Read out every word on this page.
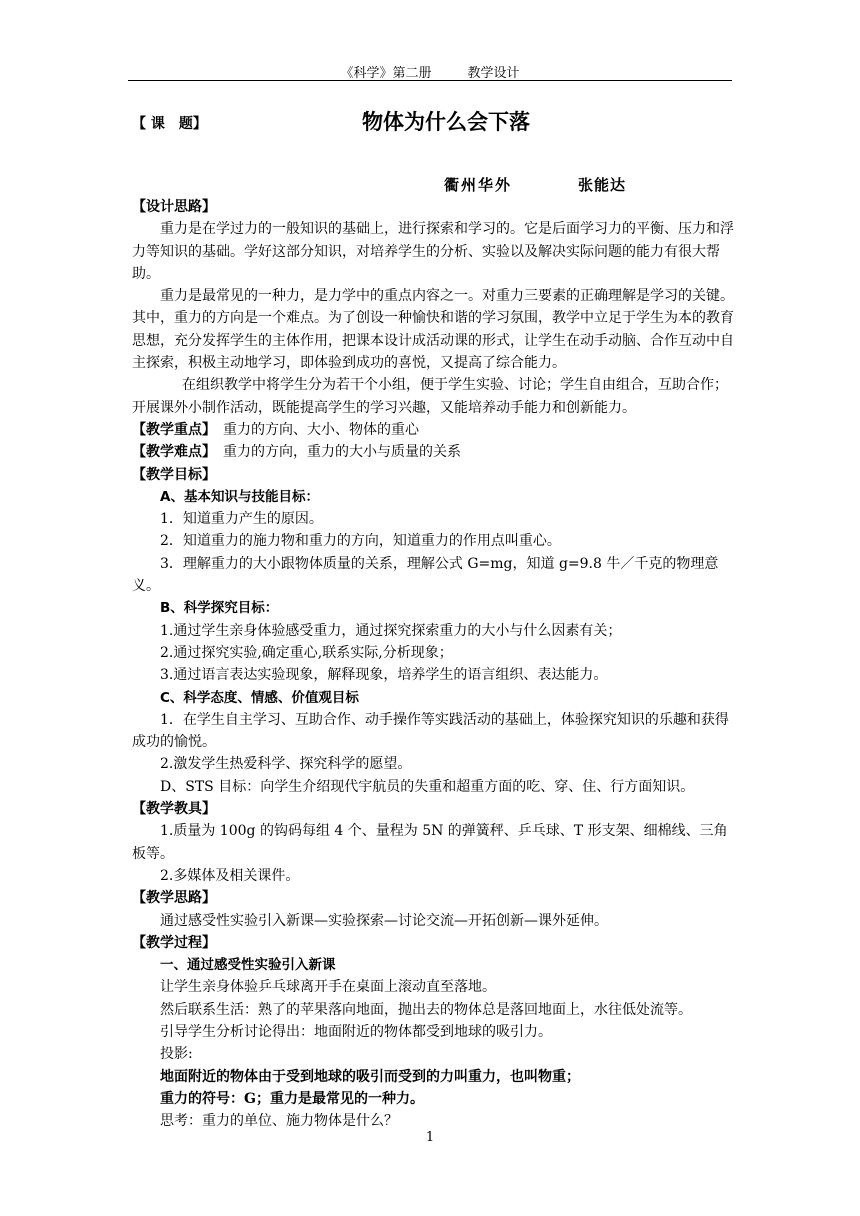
《科学》第二册	教学设计
【 课　题】	物体为什么会下落
衢州华外	张能达

【设计思路】

重力是在学过力的一般知识的基础上，进行探索和学习的。它是后面学习力的平衡、压力和浮力等知识的基础。学好这部分知识，对培养学生的分析、实验以及解决实际问题的能力有很大帮助。

重力是最常见的一种力，是力学中的重点内容之一。对重力三要素的正确理解是学习的关键。其中，重力的方向是一个难点。为了创设一种愉快和谐的学习氛围，教学中立足于学生为本的教育思想，充分发挥学生的主体作用，把课本设计成活动课的形式，让学生在动手动脑、合作互动中自主探索，积极主动地学习，即体验到成功的喜悦，又提高了综合能力。

在组织教学中将学生分为若干个小组，便于学生实验、讨论；学生自由组合，互助合作；开展课外小制作活动，既能提高学生的学习兴趣，又能培养动手能力和创新能力。

【教学重点】　 重力的方向、大小、物体的重心

【教学难点】　 重力的方向，重力的大小与质量的关系

【教学目标】

A、基本知识与技能目标：

1．知道重力产生的原因。

2．知道重力的施力物和重力的方向，知道重力的作用点叫重心。

3．理解重力的大小跟物体质量的关系，理解公式 G=mg，知道 g=9.8 牛／千克的物理意义。

B、科学探究目标：

1.通过学生亲身体验感受重力，通过探究探索重力的大小与什么因素有关；

2.通过探究实验,确定重心,联系实际,分析现象；

3.通过语言表达实验现象，解释现象，培养学生的语言组织、表达能力。

C、科学态度、情感、价值观目标

1．在学生自主学习、互助合作、动手操作等实践活动的基础上，体验探究知识的乐趣和获得成功的愉悦。

2.激发学生热爱科学、探究科学的愿望。

D、STS 目标：向学生介绍现代宇航员的失重和超重方面的吃、穿、住、行方面知识。

【教学教具】

1.质量为 100g 的钩码每组 4 个、量程为 5N 的弹簧秤、乒乓球、T 形支架、细棉线、三角板等。

2.多媒体及相关课件。

【教学思路】

通过感受性实验引入新课—实验探索—讨论交流—开拓创新—课外延伸。

【教学过程】

一、通过感受性实验引入新课

让学生亲身体验乒乓球离开手在桌面上滚动直至落地。

然后联系生活：熟了的苹果落向地面，抛出去的物体总是落回地面上，水往低处流等。

引导学生分析讨论得出：地面附近的物体都受到地球的吸引力。

投影:

地面附近的物体由于受到地球的吸引而受到的力叫重力，也叫物重；

重力的符号：G；重力是最常见的一种力。

思考：重力的单位、施力物体是什么？

1
